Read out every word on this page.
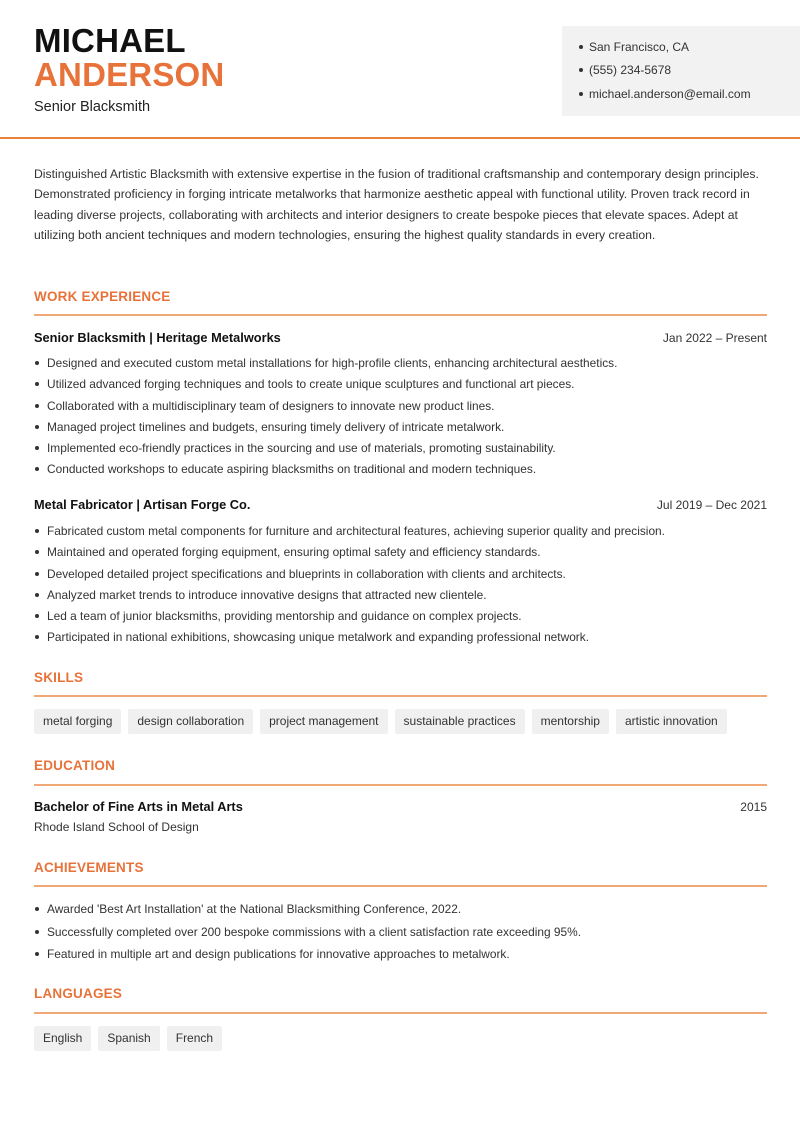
MICHAEL
ANDERSON
Senior Blacksmith
San Francisco, CA
(555) 234-5678
michael.anderson@email.com
Distinguished Artistic Blacksmith with extensive expertise in the fusion of traditional craftsmanship and contemporary design principles. Demonstrated proficiency in forging intricate metalworks that harmonize aesthetic appeal with functional utility. Proven track record in leading diverse projects, collaborating with architects and interior designers to create bespoke pieces that elevate spaces. Adept at utilizing both ancient techniques and modern technologies, ensuring the highest quality standards in every creation.
WORK EXPERIENCE
Senior Blacksmith | Heritage Metalworks	Jan 2022 – Present
Designed and executed custom metal installations for high-profile clients, enhancing architectural aesthetics.
Utilized advanced forging techniques and tools to create unique sculptures and functional art pieces.
Collaborated with a multidisciplinary team of designers to innovate new product lines.
Managed project timelines and budgets, ensuring timely delivery of intricate metalwork.
Implemented eco-friendly practices in the sourcing and use of materials, promoting sustainability.
Conducted workshops to educate aspiring blacksmiths on traditional and modern techniques.
Metal Fabricator | Artisan Forge Co.	Jul 2019 – Dec 2021
Fabricated custom metal components for furniture and architectural features, achieving superior quality and precision.
Maintained and operated forging equipment, ensuring optimal safety and efficiency standards.
Developed detailed project specifications and blueprints in collaboration with clients and architects.
Analyzed market trends to introduce innovative designs that attracted new clientele.
Led a team of junior blacksmiths, providing mentorship and guidance on complex projects.
Participated in national exhibitions, showcasing unique metalwork and expanding professional network.
SKILLS
metal forging	design collaboration	project management	sustainable practices	mentorship	artistic innovation
EDUCATION
Bachelor of Fine Arts in Metal Arts	2015
Rhode Island School of Design
ACHIEVEMENTS
Awarded 'Best Art Installation' at the National Blacksmithing Conference, 2022.
Successfully completed over 200 bespoke commissions with a client satisfaction rate exceeding 95%.
Featured in multiple art and design publications for innovative approaches to metalwork.
LANGUAGES
English	Spanish	French
